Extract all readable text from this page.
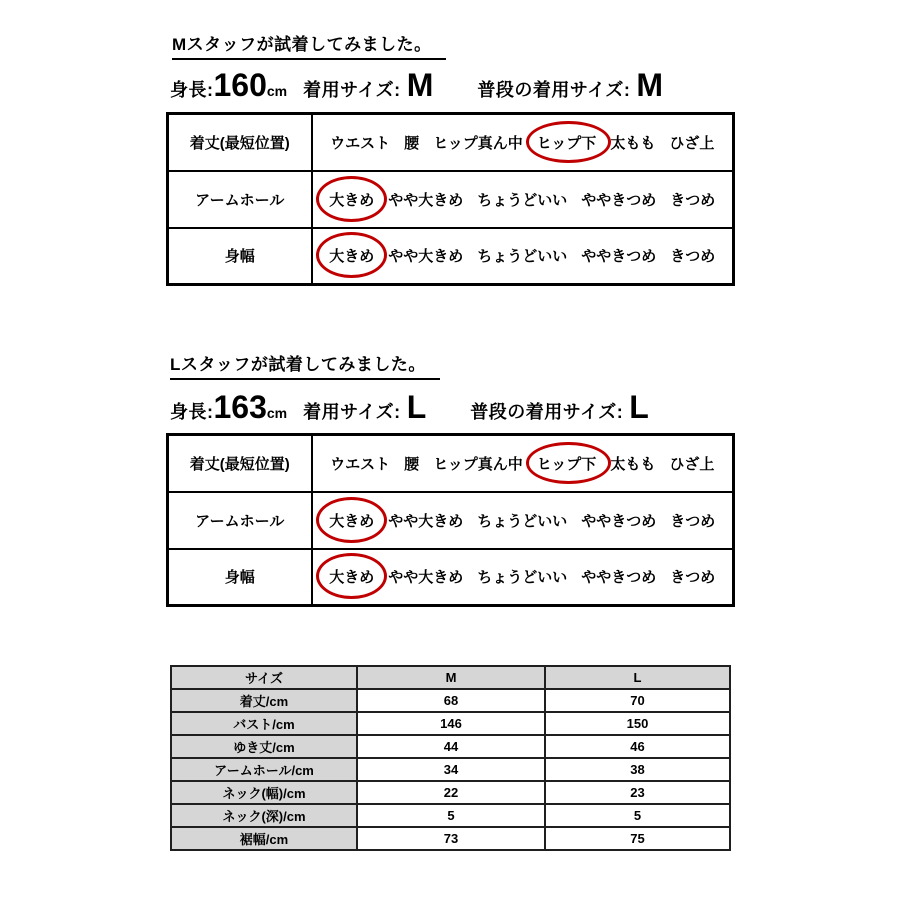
Mスタッフが試着してみました。
身長: 160 cm 着用サイズ: M 普段の着用サイズ: M
着丈(最短位置)	ウエスト 腰 ヒップ真ん中 ヒップ下 太もも ひざ上

アームホール	大きめ やや大きめ ちょうどいい ややきつめ きつめ

身幅	大きめ やや大きめ ちょうどいい ややきつめ きつめ
Lスタッフが試着してみました。
身長: 163 cm 着用サイズ: L 普段の着用サイズ: L
着丈(最短位置)	ウエスト 腰 ヒップ真ん中 ヒップ下 太もも ひざ上

アームホール	大きめ やや大きめ ちょうどいい ややきつめ きつめ

身幅	大きめ やや大きめ ちょうどいい ややきつめ きつめ
サイズ	M	L
着丈/cm	68	70
バスト/cm	146	150
ゆき丈/cm	44	46
アームホール/cm	34	38
ネック(幅)/cm	22	23
ネック(深)/cm	5	5
裾幅/cm	73	75
